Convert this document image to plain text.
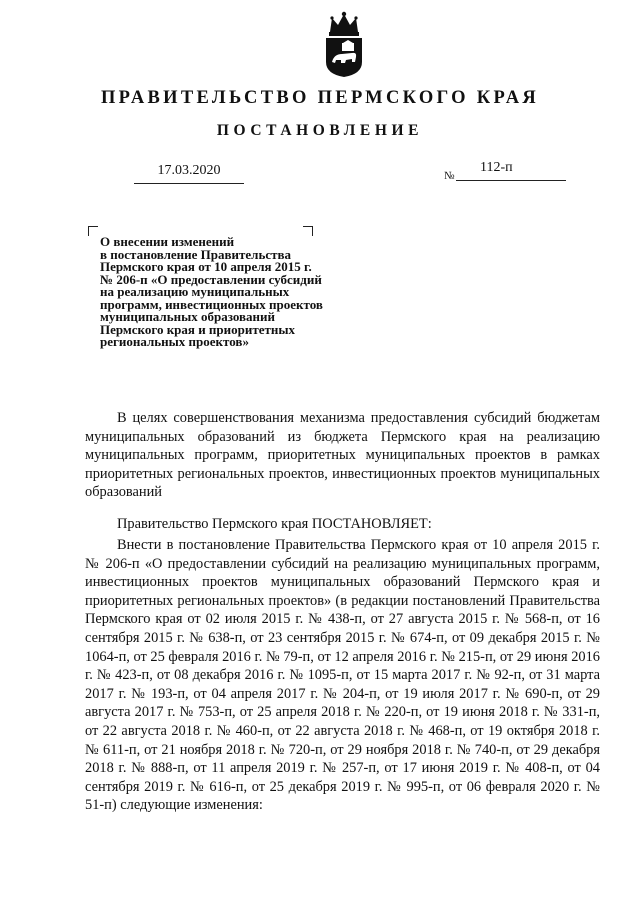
ПРАВИТЕЛЬСТВО ПЕРМСКОГО КРАЯ
ПОСТАНОВЛЕНИЕ
17.03.2020	№
112-п
О внесении изменений
в постановление Правительства
Пермского края от 10 апреля 2015 г.
№ 206-п «О предоставлении субсидий
на реализацию муниципальных
программ, инвестиционных проектов
муниципальных образований
Пермского края и приоритетных
региональных проектов»

В целях совершенствования механизма предоставления субсидий бюджетам муниципальных образований из бюджета Пермского края на реализацию муниципальных программ, приоритетных муниципальных проектов в рамках приоритетных региональных проектов, инвестиционных проектов муниципальных образований

Правительство Пермского края ПОСТАНОВЛЯЕТ:

Внести в постановление Правительства Пермского края от 10 апреля 2015 г. № 206-п «О предоставлении субсидий на реализацию муниципальных программ, инвестиционных проектов муниципальных образований Пермского края и приоритетных региональных проектов» (в редакции постановлений Правительства Пермского края от 02 июля 2015 г. № 438-п, от 27 августа 2015 г. № 568-п, от 16 сентября 2015 г. № 638-п, от 23 сентября 2015 г. № 674-п, от 09 декабря 2015 г. № 1064-п, от 25 февраля 2016 г. № 79-п, от 12 апреля 2016 г. № 215-п, от 29 июня 2016 г. № 423-п, от 08 декабря 2016 г. № 1095-п, от 15 марта 2017 г. № 92-п, от 31 марта 2017 г. № 193-п, от 04 апреля 2017 г. № 204-п, от 19 июля 2017 г. № 690-п, от 29 августа 2017 г. № 753-п, от 25 апреля 2018 г. № 220-п, от 19 июня 2018 г. № 331-п, от 22 августа 2018 г. № 460-п, от 22 августа 2018 г. № 468-п, от 19 октября 2018 г. № 611-п, от 21 ноября 2018 г. № 720-п, от 29 ноября 2018 г. № 740-п, от 29 декабря 2018 г. № 888-п, от 11 апреля 2019 г. № 257-п, от 17 июня 2019 г. № 408-п, от 04 сентября 2019 г. № 616-п, от 25 декабря 2019 г. № 995-п, от 06 февраля 2020 г. № 51-п) следующие изменения:
